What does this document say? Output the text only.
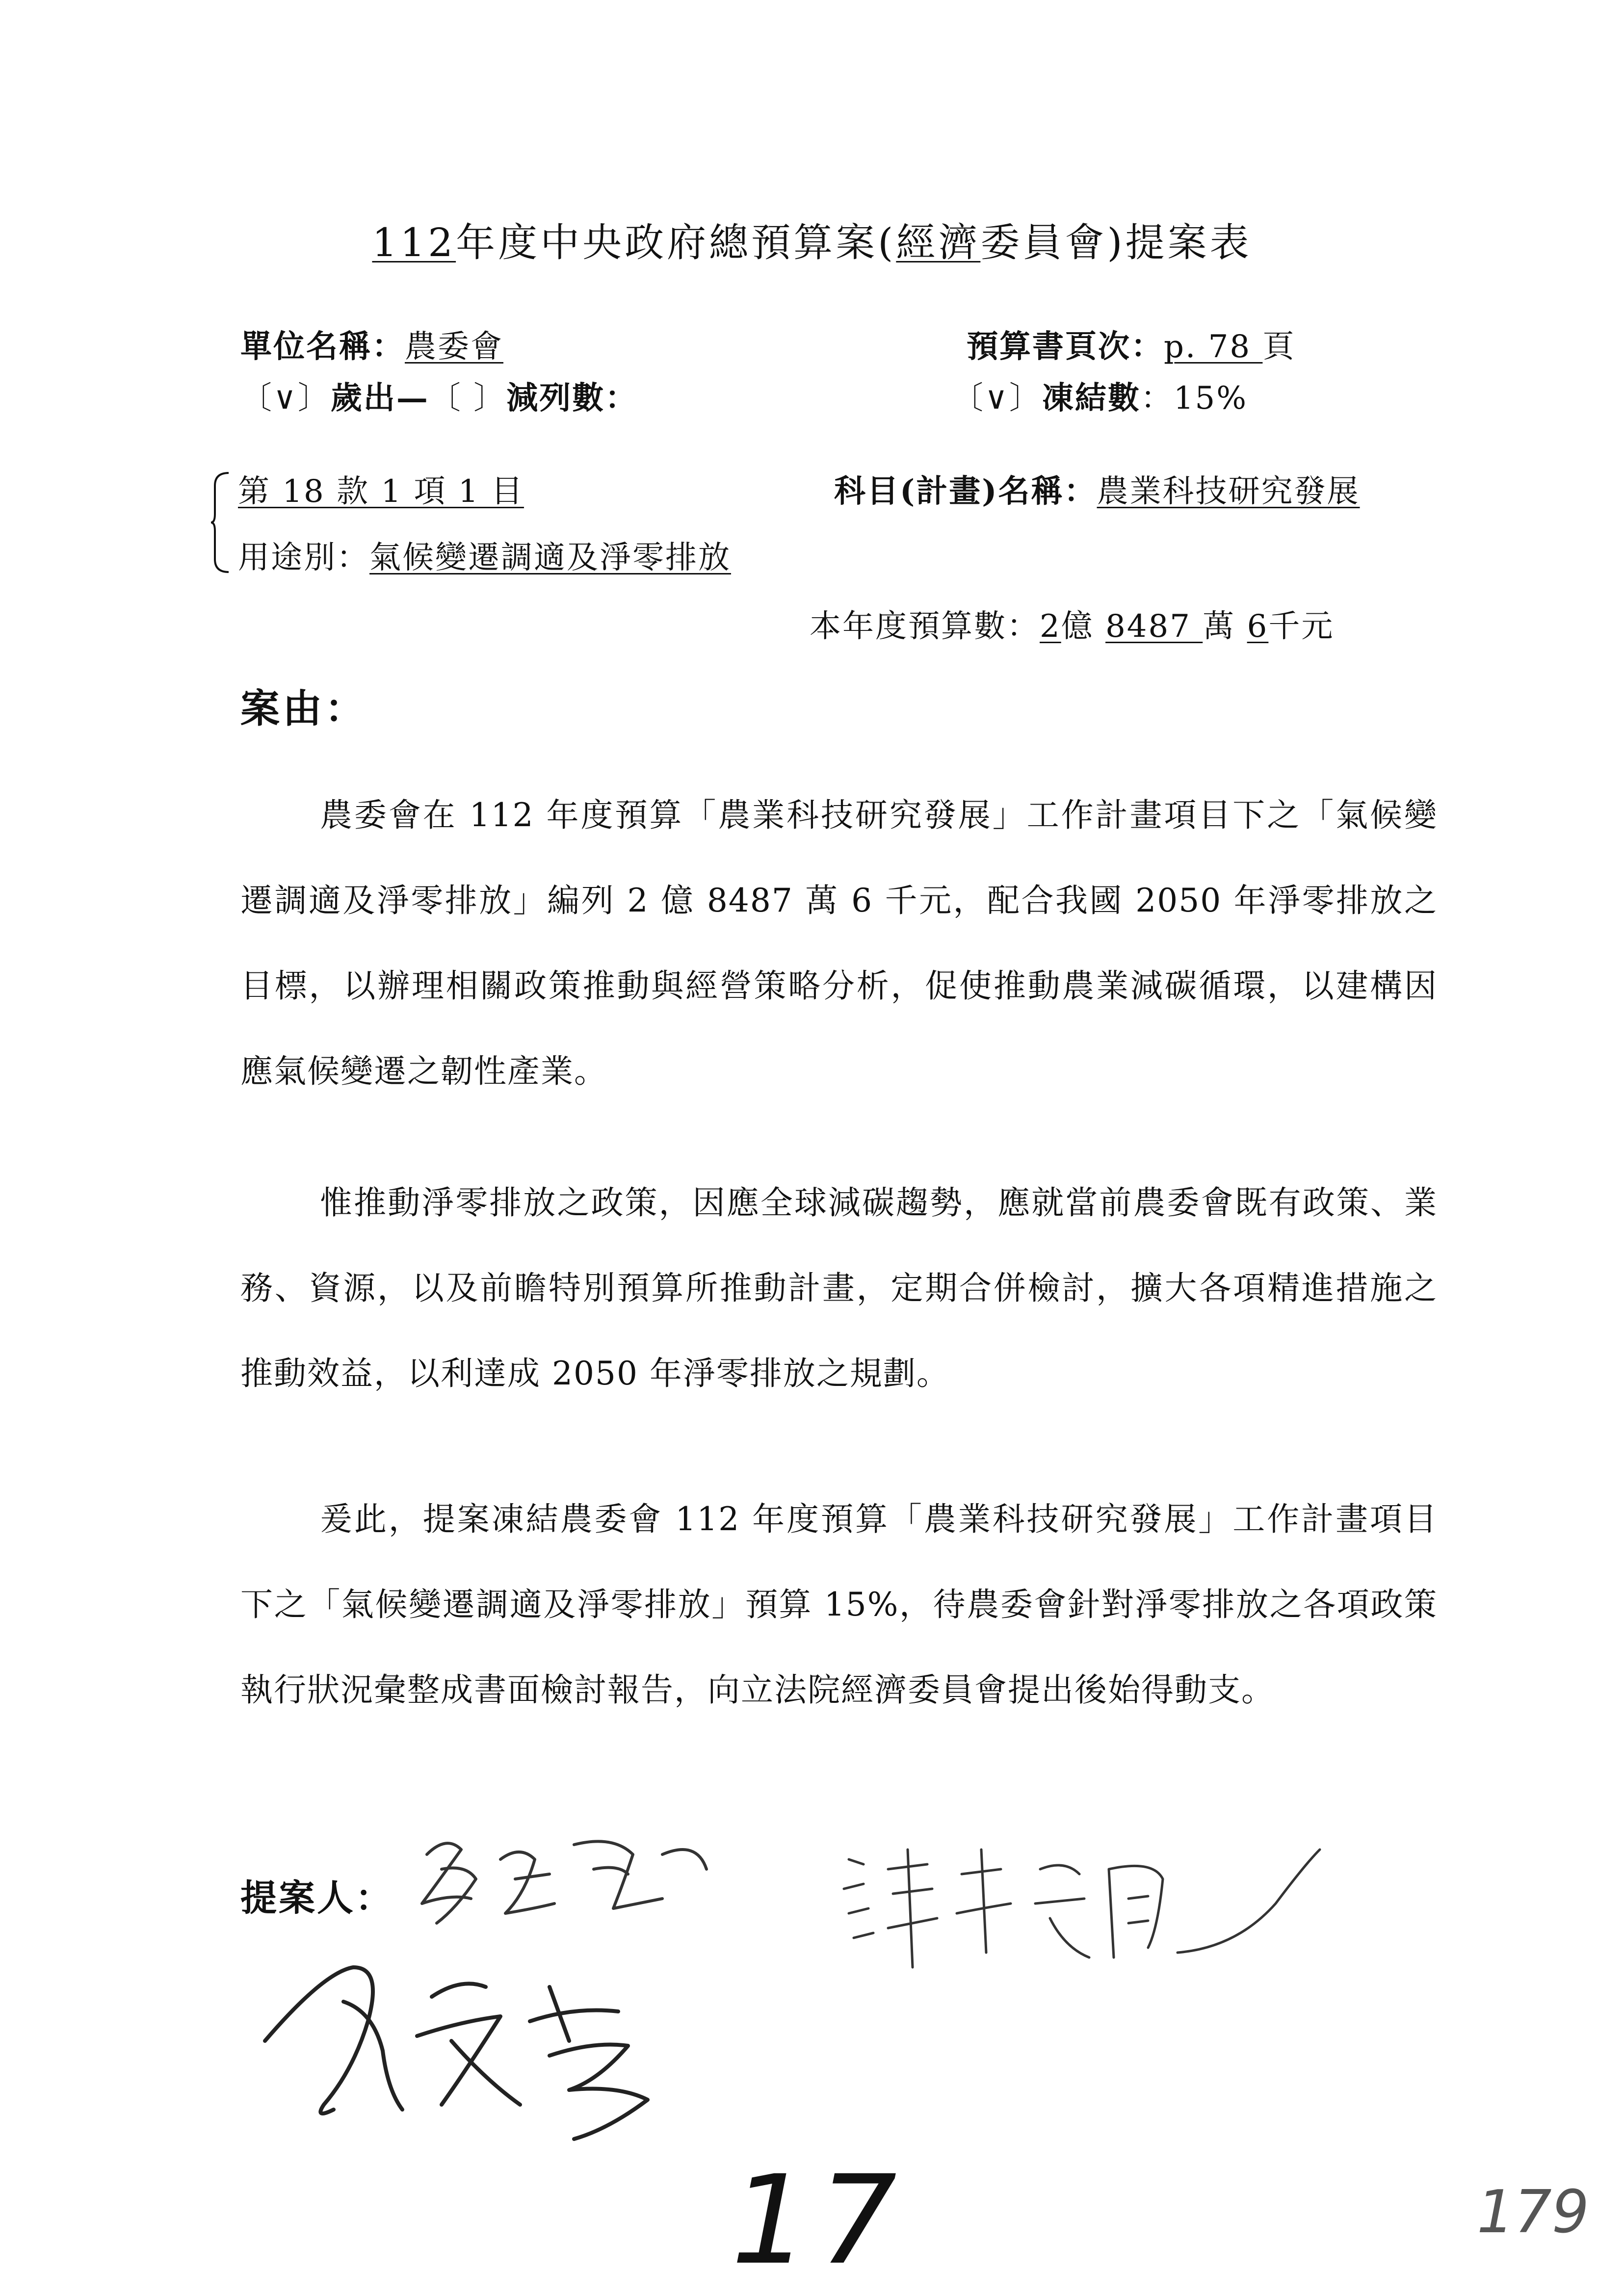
112年度中央政府總預算案(經濟委員會)提案表
單位名稱：農委會	預算書頁次：p. 78 頁
〔∨〕歲出—〔 〕減列數：	〔∨〕凍結數：15%
第 18 款 1 項 1 目	科目(計畫)名稱：農業科技研究發展
用途別：氣候變遷調適及淨零排放
本年度預算數：2億 8487 萬 6千元
案由：
農委會在 112 年度預算「農業科技研究發展」工作計畫項目下之「氣候變遷調適及淨零排放」編列 2 億 8487 萬 6 千元，配合我國 2050 年淨零排放之目標，以辦理相關政策推動與經營策略分析，促使推動農業減碳循環，以建構因應氣候變遷之韌性產業。
惟推動淨零排放之政策，因應全球減碳趨勢，應就當前農委會既有政策、業務、資源，以及前瞻特別預算所推動計畫，定期合併檢討，擴大各項精進措施之推動效益，以利達成 2050 年淨零排放之規劃。
爰此，提案凍結農委會 112 年度預算「農業科技研究發展」工作計畫項目下之「氣候變遷調適及淨零排放」預算 15%，待農委會針對淨零排放之各項政策執行狀況彙整成書面檢討報告，向立法院經濟委員會提出後始得動支。
提案人：
17	179
